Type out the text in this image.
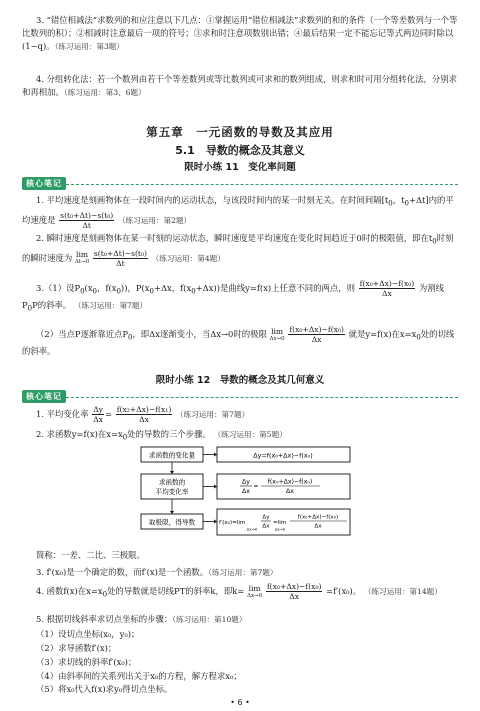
3. “错位相减法”求数列的和应注意以下几点：①掌握运用“错位相减法”求数列的和的条件（一个等差数列与一个等比数列的积）；②相减时注意最后一项的符号；③求和时注意项数别出错；④最后结果一定不能忘记等式两边同时除以(1−q)。（练习运用：第3题）

4. 分组转化法：若一个数列由若干个等差数列或等比数列或可求和的数列组成，则求和时可用分组转化法，分别求和再相加。（练习运用：第3、6题）

第五章　一元函数的导数及其应用
5.1　导数的概念及其意义
限时小练 11　变化率问题
核心笔记

1. 平均速度是刻画物体在一段时间内的运动状态，与该段时间内的某一时刻无关。在时间间隔[$t_0$，$t_0+\Delta t$]内的平均速度是 $\frac{\text{s(t₀+Δt)−s(t₀)}}{\Delta t}$ （练习运用：第2题）

2. 瞬时速度是刻画物体在某一时刻的运动状态，瞬时速度是平均速度在变化时间趋近于0时的极限值，即在$t_0$时刻的瞬时速度为 lim
Δt→0
$\frac{\text{s(t₀+Δt)−s(t₀)}}{\Delta t}$ （练习运用：第4题）

3.（1）设$P_0(x_0$，$f(x_0)$)，$P(x_0+\Delta x$，$f(x_0+\Delta x)$)是曲线y=f(x)上任意不同的两点，则 $\frac{\text{f(x₀+Δx)−f(x₀)}}{\Delta x}$ 为割线$P_0P$的斜率。 （练习运用：第7题）

（2）当点P逐渐靠近点$P_0$，即Δx逐渐变小，当Δx→0时的极限 lim
Δx→0
$\frac{\text{f(x₀+Δx)−f(x₀)}}{\Delta x}$ 就是y=f(x)在$x=x_0$处的切线的斜率。

限时小练 12　导数的概念及其几何意义
核心笔记

1. 平均变化率 $\frac{\Delta y}{\Delta x} = \frac{\text{f(x₂+Δx)−f(x₁)}}{\Delta x}$ （练习运用：第7题）

2. 求函数y=f(x)在$x=x_0$处的导数的三个步骤。 （练习运用：第5题）

求函数的变化量
求函数的
平均变化率
取极限，得导数
Δy=f(x₀+Δx)−f(x₀)
Δy
Δx
=
f(x₀+Δx)−f(x₀)
Δx
f′(x₀)=lim
Δx→0
Δy
Δx
=lim
Δx→0
f(x₀+Δx)−f(x₀)
Δx

简称：一差、二比、三极限。

3. f′(x₀)是一个确定的数，而f′(x)是一个函数。（练习运用：第7题）

4. 函数f(x)在$x=x_0$处的导数就是切线PT的斜率k，即k= lim
Δx→0
$\frac{\text{f(x₀+Δx)−f(x₀)}}{\Delta x} =f'(x_0)$。 （练习运用：第14题）

5. 根据切线斜率求切点坐标的步骤：（练习运用：第10题）

（1）设切点坐标(x₀，y₀)；

（2）求导函数f′(x)；

（3）求切线的斜率f′(x₀)；

（4）由斜率间的关系列出关于x₀的方程，解方程求x₀；

（5）将x₀代入f(x)求y₀得切点坐标。

• 6 •
